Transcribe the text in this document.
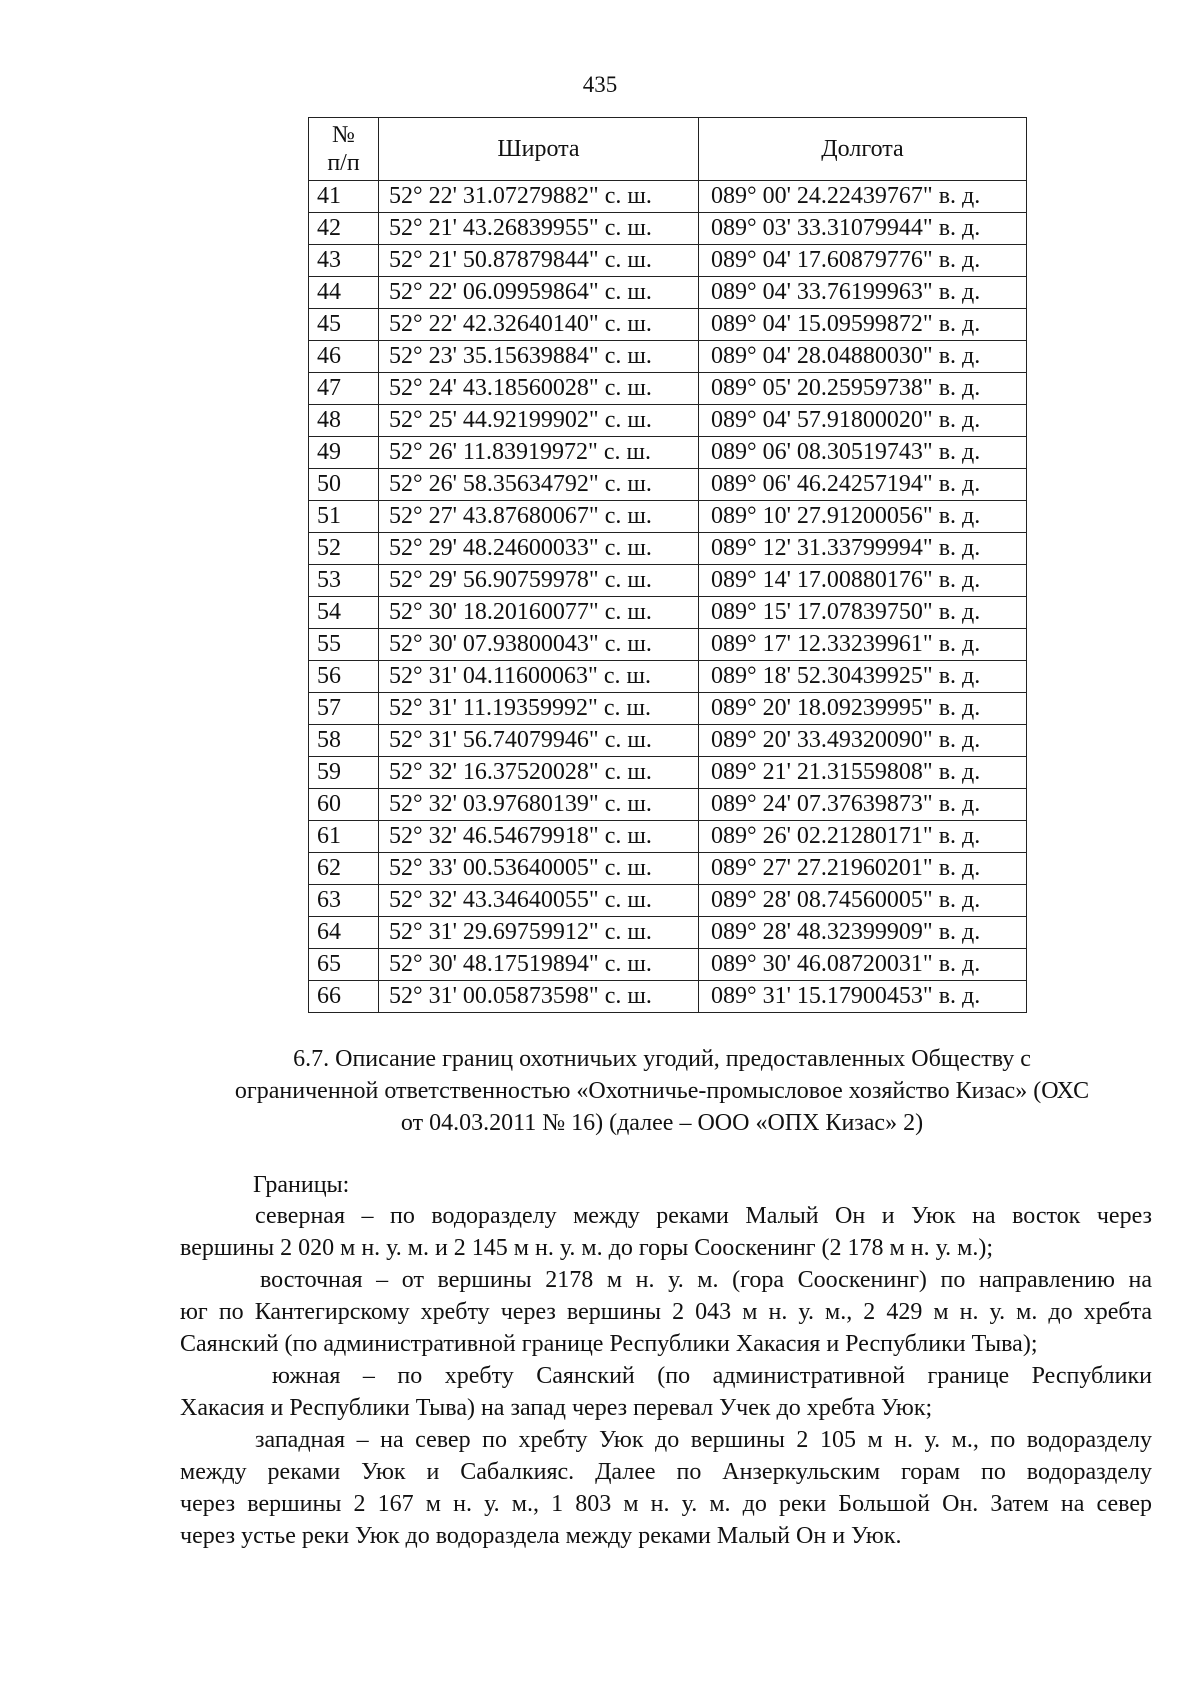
435
№
п/п	Широта	Долгота
41	52° 22' 31.07279882" с. ш.	089° 00' 24.22439767" в. д.
42	52° 21' 43.26839955" с. ш.	089° 03' 33.31079944" в. д.
43	52° 21' 50.87879844" с. ш.	089° 04' 17.60879776" в. д.
44	52° 22' 06.09959864" с. ш.	089° 04' 33.76199963" в. д.
45	52° 22' 42.32640140" с. ш.	089° 04' 15.09599872" в. д.
46	52° 23' 35.15639884" с. ш.	089° 04' 28.04880030" в. д.
47	52° 24' 43.18560028" с. ш.	089° 05' 20.25959738" в. д.
48	52° 25' 44.92199902" с. ш.	089° 04' 57.91800020" в. д.
49	52° 26' 11.83919972" с. ш.	089° 06' 08.30519743" в. д.
50	52° 26' 58.35634792" с. ш.	089° 06' 46.24257194" в. д.
51	52° 27' 43.87680067" с. ш.	089° 10' 27.91200056" в. д.
52	52° 29' 48.24600033" с. ш.	089° 12' 31.33799994" в. д.
53	52° 29' 56.90759978" с. ш.	089° 14' 17.00880176" в. д.
54	52° 30' 18.20160077" с. ш.	089° 15' 17.07839750" в. д.
55	52° 30' 07.93800043" с. ш.	089° 17' 12.33239961" в. д.
56	52° 31' 04.11600063" с. ш.	089° 18' 52.30439925" в. д.
57	52° 31' 11.19359992" с. ш.	089° 20' 18.09239995" в. д.
58	52° 31' 56.74079946" с. ш.	089° 20' 33.49320090" в. д.
59	52° 32' 16.37520028" с. ш.	089° 21' 21.31559808" в. д.
60	52° 32' 03.97680139" с. ш.	089° 24' 07.37639873" в. д.
61	52° 32' 46.54679918" с. ш.	089° 26' 02.21280171" в. д.
62	52° 33' 00.53640005" с. ш.	089° 27' 27.21960201" в. д.
63	52° 32' 43.34640055" с. ш.	089° 28' 08.74560005" в. д.
64	52° 31' 29.69759912" с. ш.	089° 28' 48.32399909" в. д.
65	52° 30' 48.17519894" с. ш.	089° 30' 46.08720031" в. д.
66	52° 31' 00.05873598" с. ш.	089° 31' 15.17900453" в. д.
6.7. Описание границ охотничьих угодий, предоставленных Обществу с
ограниченной ответственностью «Охотничье-промысловое хозяйство Кизас» (ОХС
от 04.03.2011 № 16) (далее – ООО «ОПХ Кизас» 2)
Границы:
северная – по водоразделу между реками Малый Он и Уюк на восток через
вершины 2 020 м н. у. м. и 2 145 м н. у. м. до горы Сооскенинг (2 178 м н. у. м.);
восточная – от вершины 2178 м н. у. м. (гора Сооскенинг) по направлению на
юг по Кантегирскому хребту через вершины 2 043 м н. у. м., 2 429 м н. у. м. до хребта
Саянский (по административной границе Республики Хакасия и Республики Тыва);
южная – по хребту Саянский (по административной границе Республики
Хакасия и Республики Тыва) на запад через перевал Учек до хребта Уюк;
западная – на север по хребту Уюк до вершины 2 105 м н. у. м., по водоразделу
между реками Уюк и Сабалкияс. Далее по Анзеркульским горам по водоразделу
через вершины 2 167 м н. у. м., 1 803 м н. у. м. до реки Большой Он. Затем на север
через устье реки Уюк до водораздела между реками Малый Он и Уюк.
